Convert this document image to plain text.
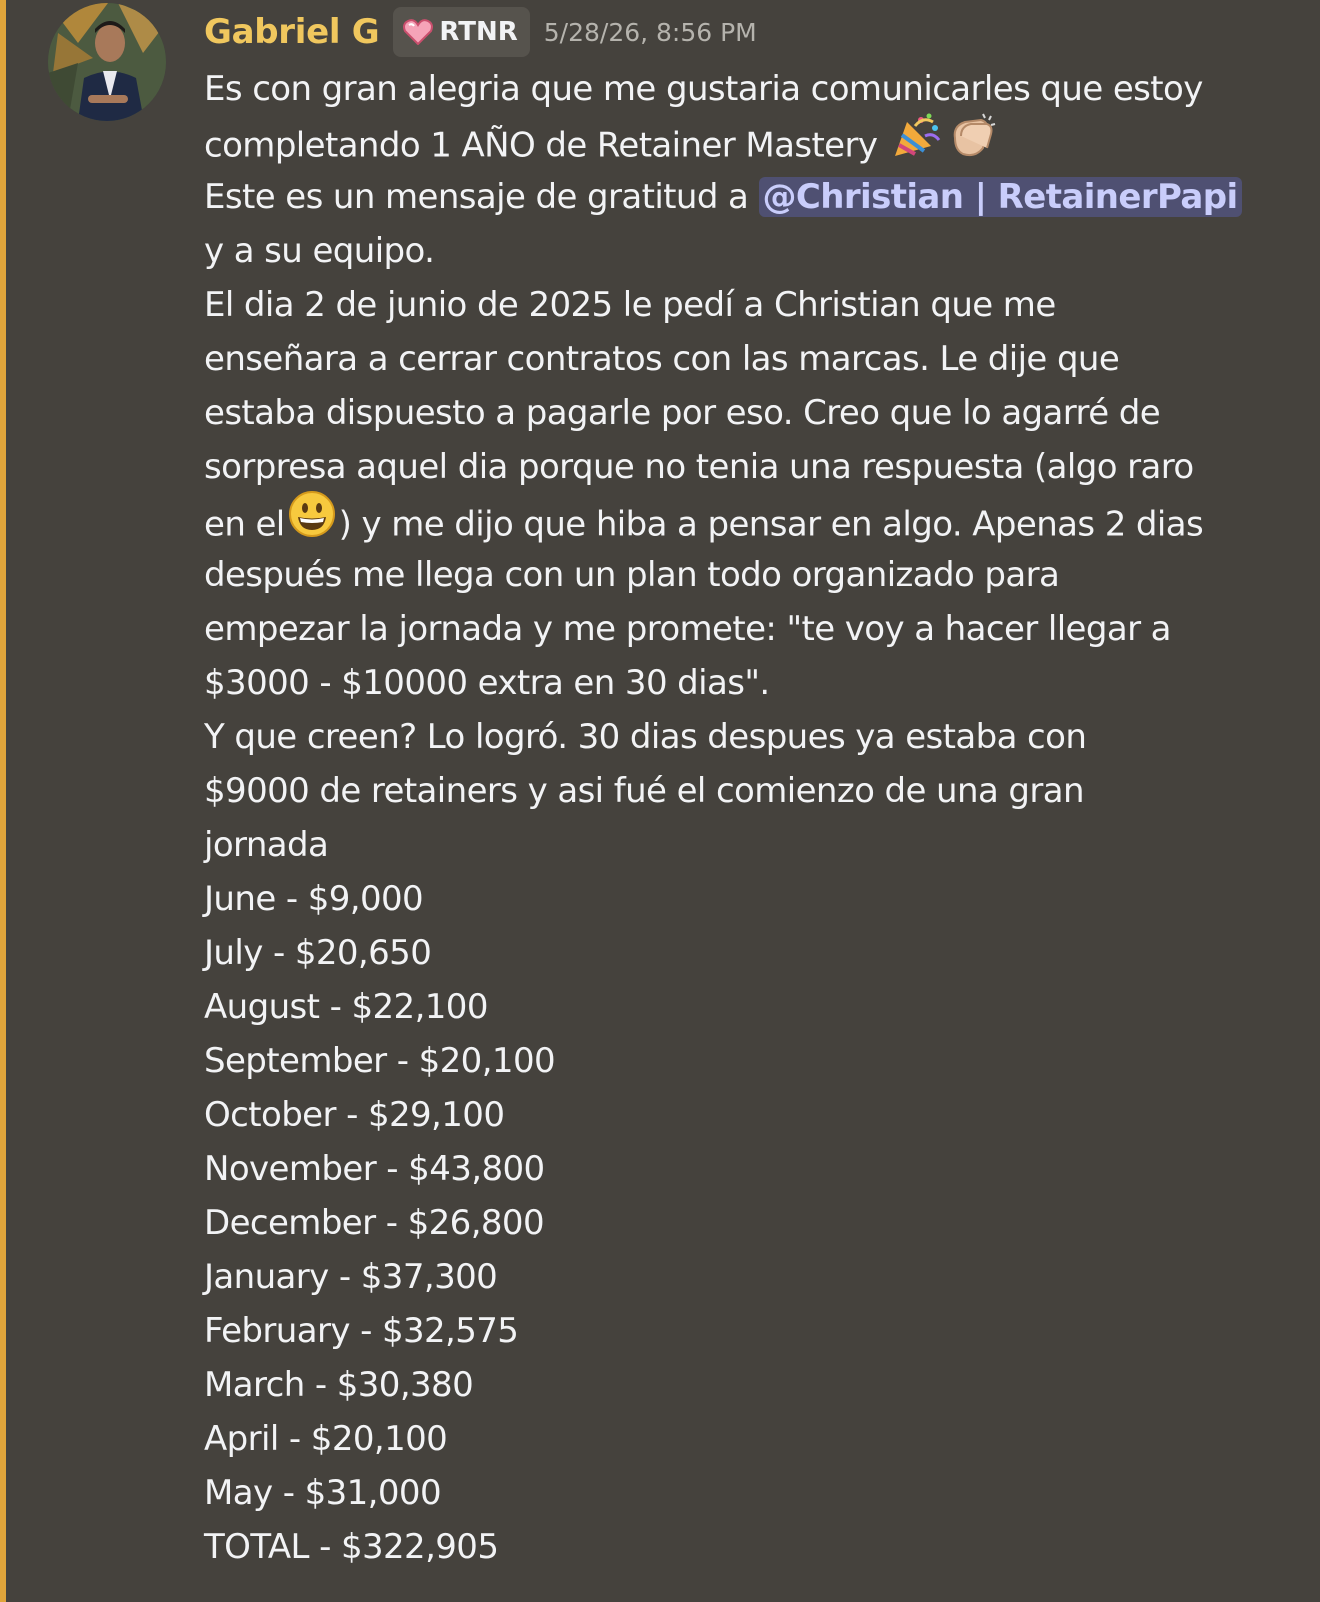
Gabriel G RTNR 5/28/26, 8:56 PM
Es con gran alegria que me gustaria comunicarles que estoy
completando 1 AÑO de Retainer Mastery
Este es un mensaje de gratitud a @Christian | RetainerPapi
y a su equipo.
El dia 2 de junio de 2025 le pedí a Christian que me
enseñara a cerrar contratos con las marcas. Le dije que
estaba dispuesto a pagarle por eso. Creo que lo agarré de
sorpresa aquel dia porque no tenia una respuesta (algo raro
en el ) y me dijo que hiba a pensar en algo. Apenas 2 dias
después me llega con un plan todo organizado para
empezar la jornada y me promete: "te voy a hacer llegar a
$3000 - $10000 extra en 30 dias".
Y que creen? Lo logró. 30 dias despues ya estaba con
$9000 de retainers y asi fué el comienzo de una gran
jornada
June - $9,000
July - $20,650
August - $22,100
September - $20,100
October - $29,100
November - $43,800
December - $26,800
January - $37,300
February - $32,575
March - $30,380
April - $20,100
May - $31,000
TOTAL - $322,905
